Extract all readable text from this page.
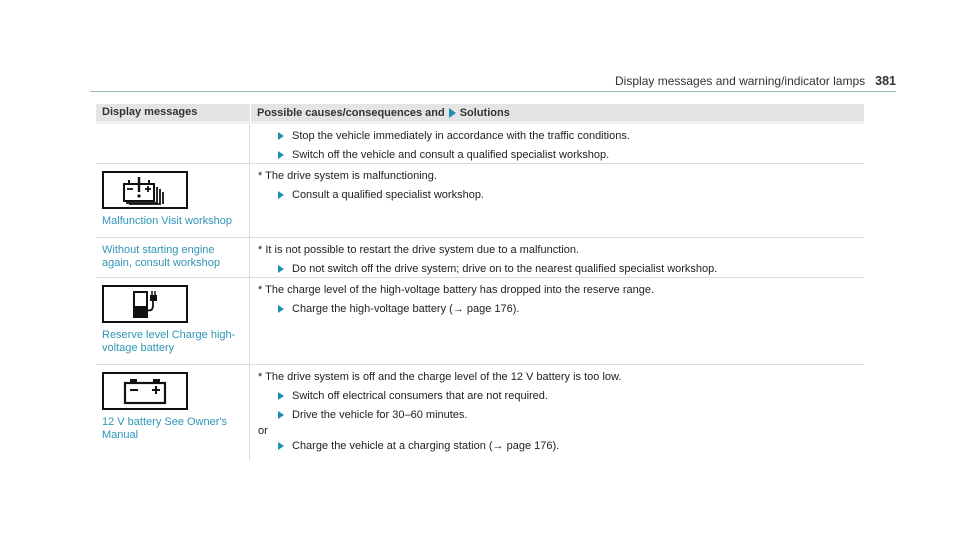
Display messages and warning/indicator lamps 381
Display messages	Possible causes/consequences and Solutions
Stop the vehicle immediately in accordance with the traffic conditions.
Switch off the vehicle and consult a qualified specialist workshop.
Malfunction Visit workshop
* The drive system is malfunctioning.
Consult a qualified specialist workshop.
Without starting engine again, consult workshop
* It is not possible to restart the drive system due to a malfunction.
Do not switch off the drive system; drive on to the nearest qualified specialist workshop.
Reserve level Charge high-voltage battery
* The charge level of the high-voltage battery has dropped into the reserve range.
Charge the high-voltage battery (→ page 176).
12 V battery See Owner's Manual
* The drive system is off and the charge level of the 12 V battery is too low.
Switch off electrical consumers that are not required.
Drive the vehicle for 30–60 minutes.
or
Charge the vehicle at a charging station (→ page 176).
